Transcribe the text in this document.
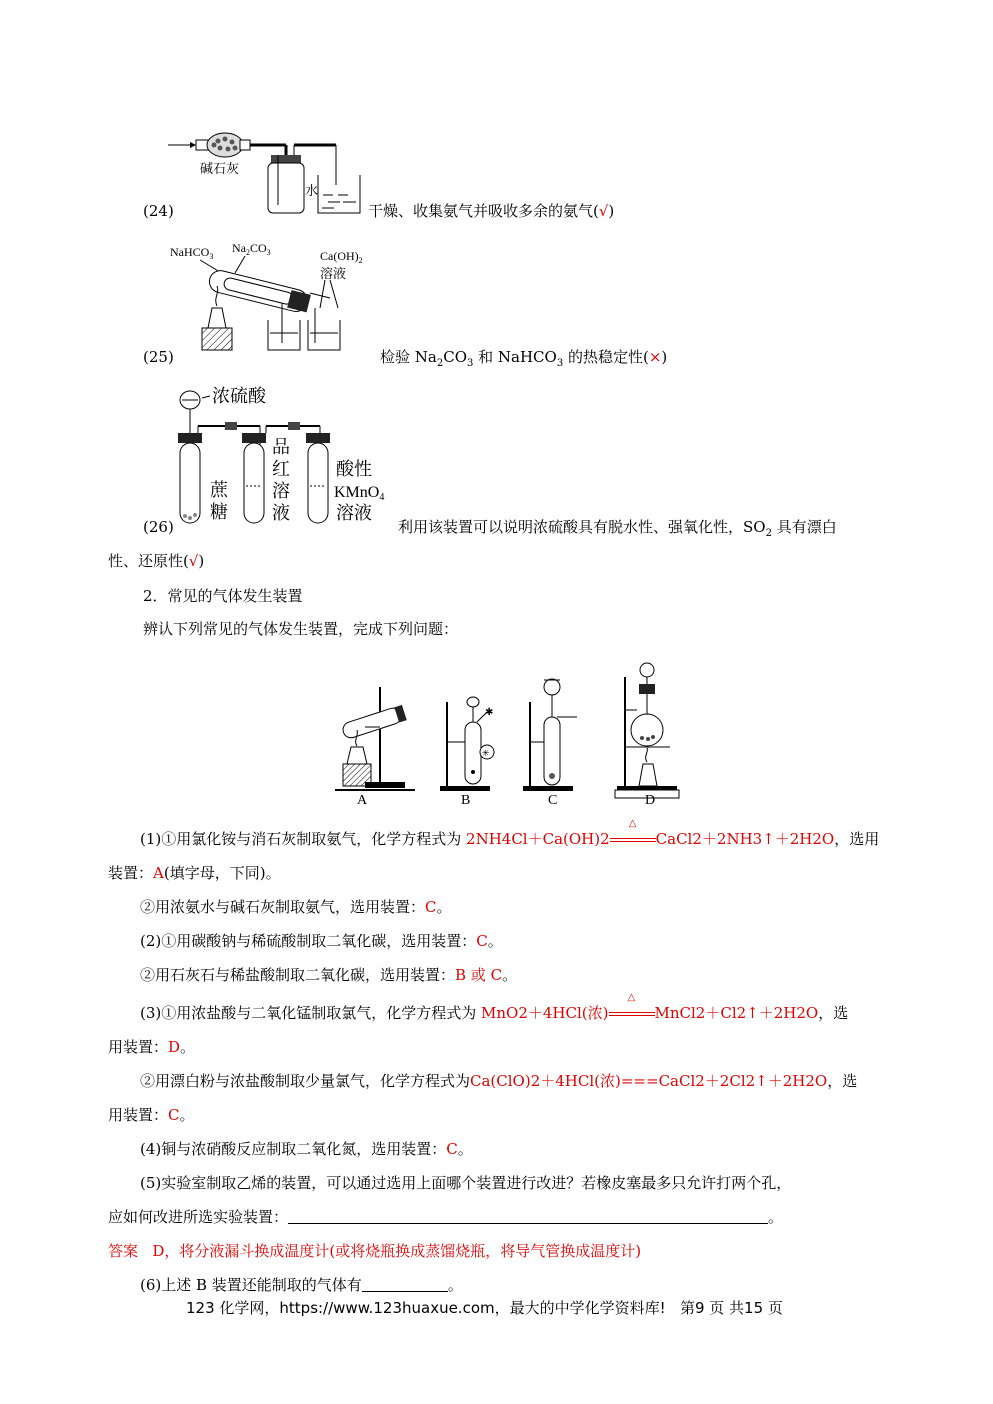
碱石灰
水
(24)	干燥、收集氨气并吸收多余的氨气(√)
NaHCO$_3$
$Na_2CO_3$	$Ca(OH)_2$
溶液
(25)	检验 $Na_2CO_3$ 和 NaHCO$_3$ 的热稳定性(×)
浓硫酸
蔗
糖
品
红
溶
液
酸性
KMnO4
溶液
(26)	利用该装置可以说明浓硫酸具有脱水性、强氧化性，$SO_2$ 具有漂白
性、还原性(√)
2．常见的气体发生装置
辨认下列常见的气体发生装置，完成下列问题：
✱
✳
A	B	C	D
(1)①用氯化铵与消石灰制取氨气，化学方程式为 2NH4Cl＋Ca(OH)2
△
CaCl2＋2NH3↑＋2H2O，选用
装置：A(填字母，下同)。
②用浓氨水与碱石灰制取氨气，选用装置：C。
(2)①用碳酸钠与稀硫酸制取二氧化碳，选用装置：C。
②用石灰石与稀盐酸制取二氧化碳，选用装置：B 或 C。
(3)①用浓盐酸与二氧化锰制取氯气，化学方程式为 MnO2＋4HCl(浓)
△
MnCl2＋Cl2↑＋2H2O，选
用装置：D。
②用漂白粉与浓盐酸制取少量氯气，化学方程式为Ca(ClO)2＋4HCl(浓)===CaCl2＋2Cl2↑＋2H2O，选
用装置：C。
(4)铜与浓硝酸反应制取二氧化氮，选用装置：C。
(5)实验室制取乙烯的装置，可以通过选用上面哪个装置进行改进？若橡皮塞最多只允许打两个孔，
应如何改进所选实验装置：	。
答案 D，将分液漏斗换成温度计(或将烧瓶换成蒸馏烧瓶，将导气管换成温度计)
(6)上述 B 装置还能制取的气体有	。
123 化学网，https://www.123huaxue.com，最大的中学化学资料库! 第9 页 共15 页
